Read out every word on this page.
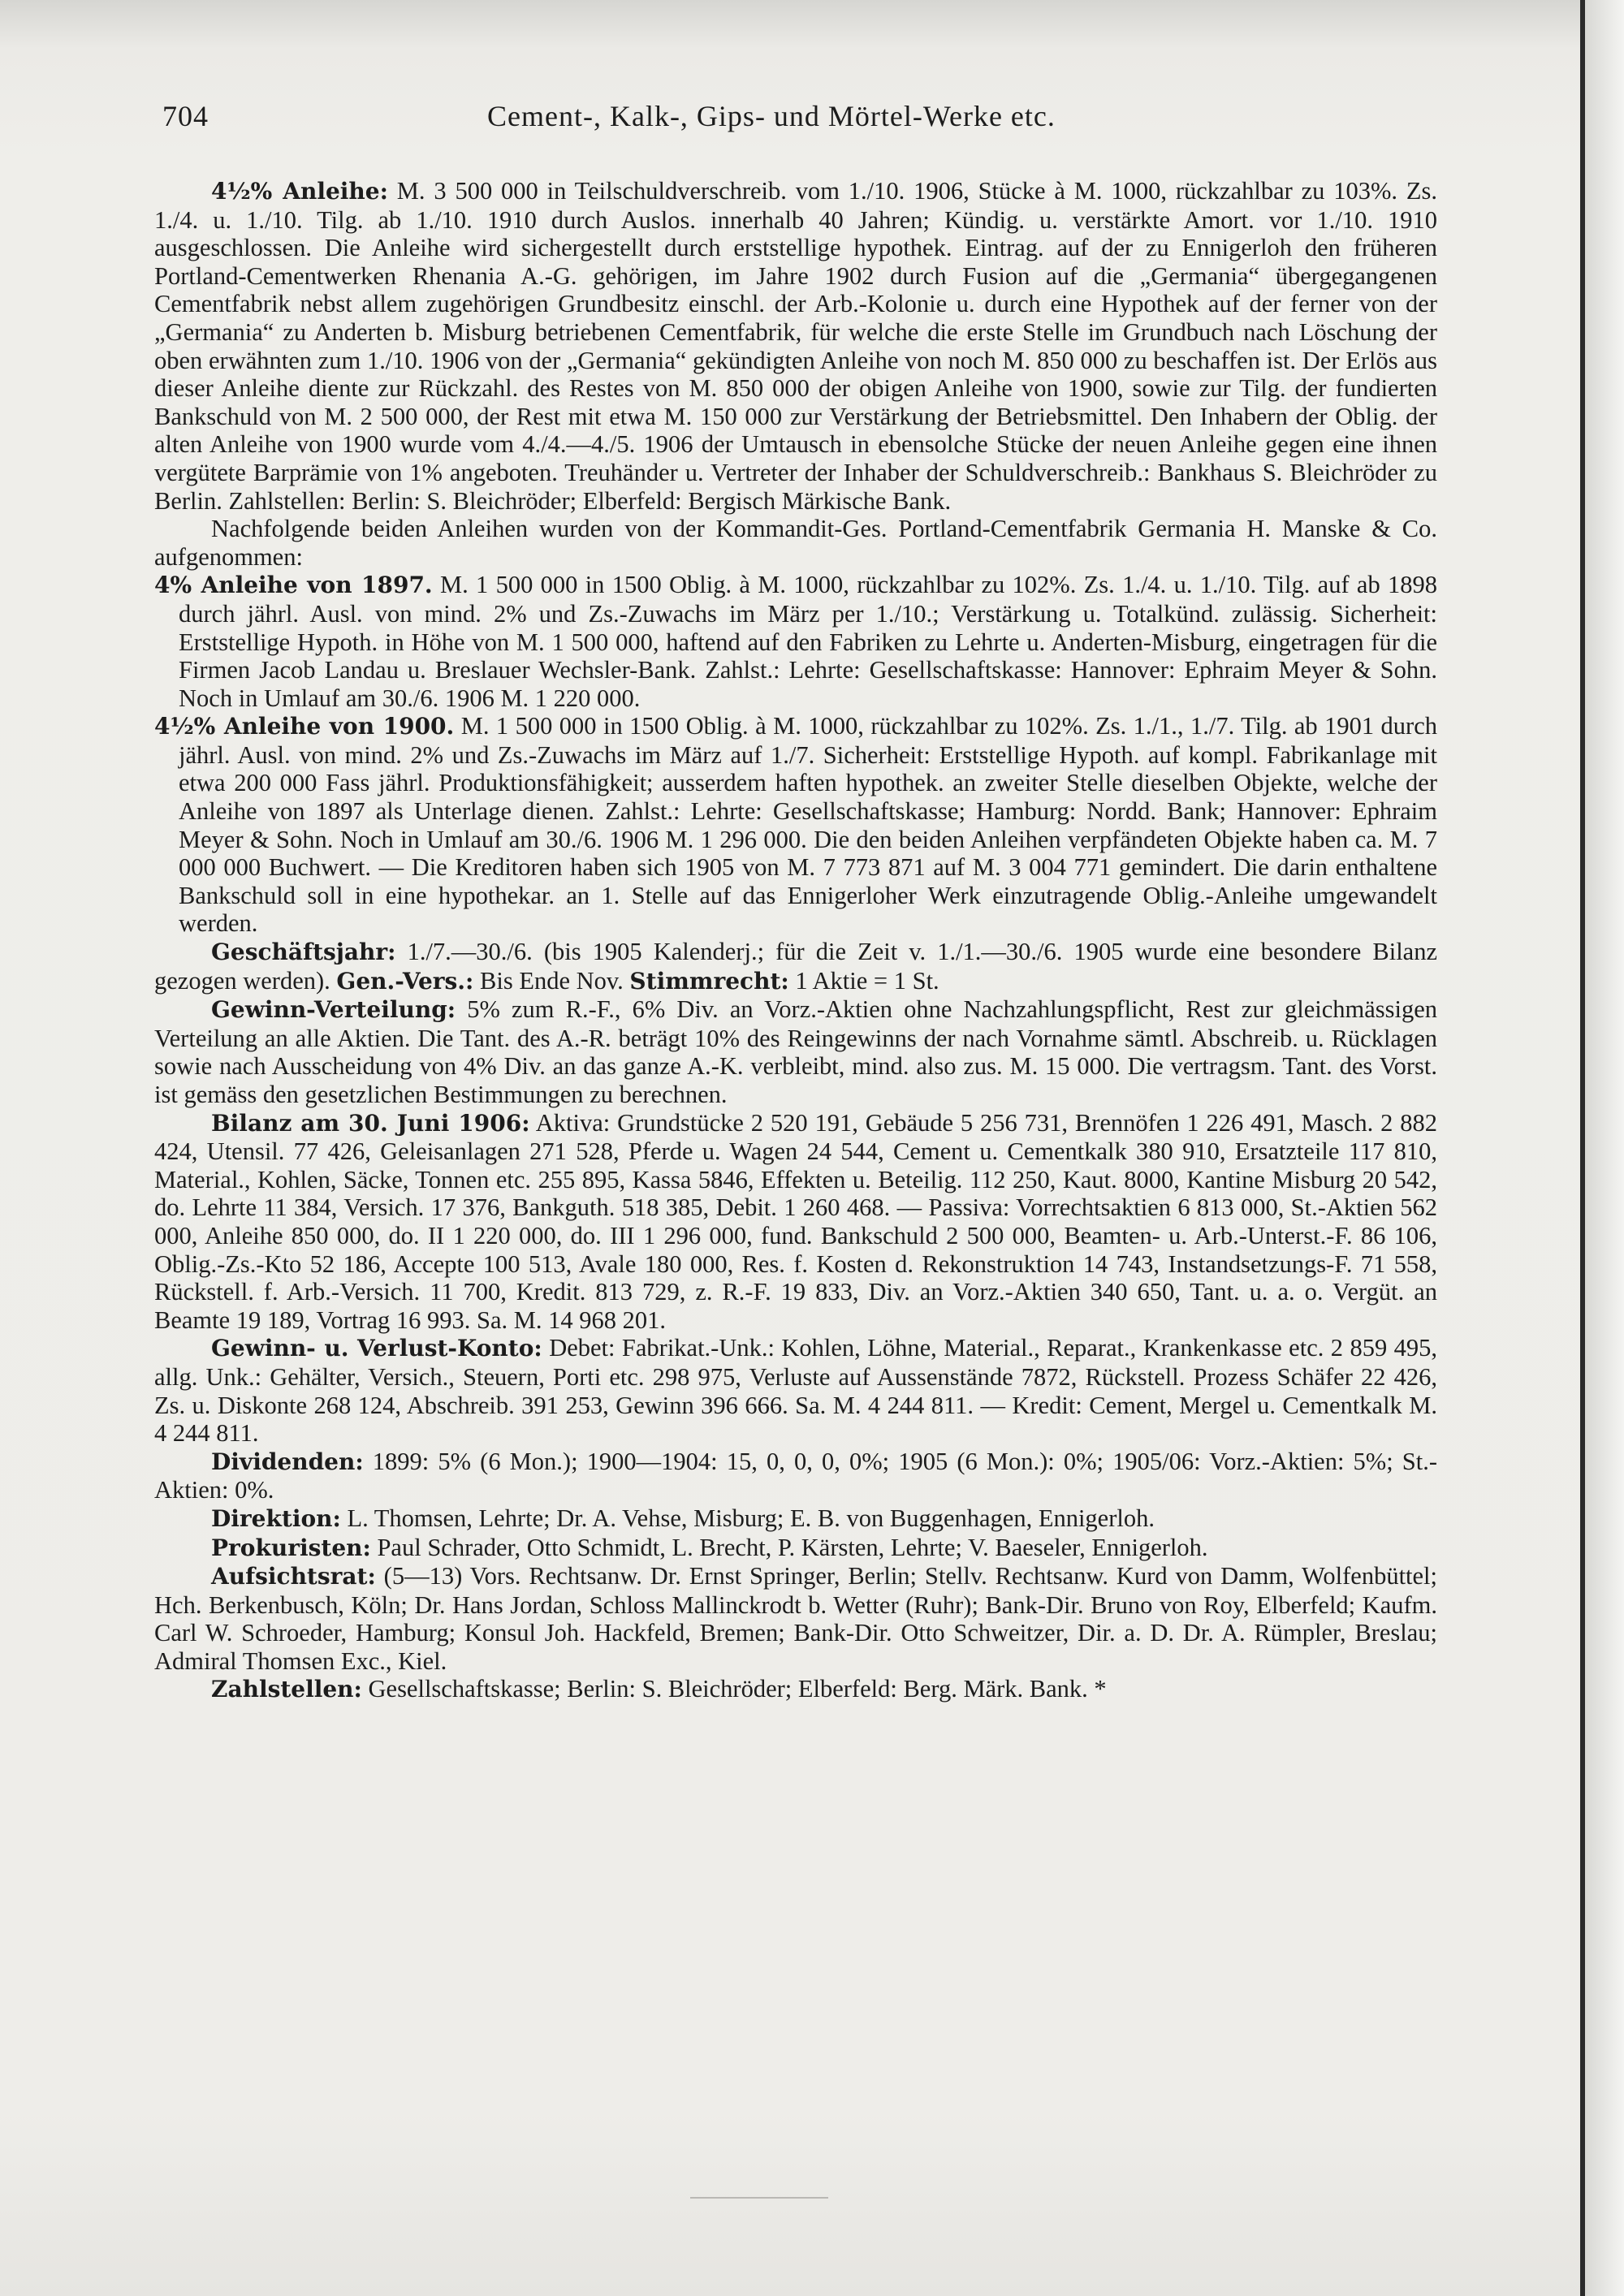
704	Cement-, Kalk-, Gips- und Mörtel-Werke etc.

4½% Anleihe: M. 3 500 000 in Teilschuldverschreib. vom 1./10. 1906, Stücke à M. 1000, rückzahlbar zu 103%. Zs. 1./4. u. 1./10. Tilg. ab 1./10. 1910 durch Auslos. innerhalb 40 Jahren; Kündig. u. verstärkte Amort. vor 1./10. 1910 ausgeschlossen. Die Anleihe wird sichergestellt durch erststellige hypothek. Eintrag. auf der zu Ennigerloh den früheren Portland-Cementwerken Rhenania A.-G. gehörigen, im Jahre 1902 durch Fusion auf die „Germania“ übergegangenen Cementfabrik nebst allem zugehörigen Grundbesitz einschl. der Arb.-Kolonie u. durch eine Hypothek auf der ferner von der „Germania“ zu Anderten b. Misburg betriebenen Cementfabrik, für welche die erste Stelle im Grundbuch nach Löschung der oben erwähnten zum 1./10. 1906 von der „Germania“ gekündigten Anleihe von noch M. 850 000 zu beschaffen ist. Der Erlös aus dieser Anleihe diente zur Rückzahl. des Restes von M. 850 000 der obigen Anleihe von 1900, sowie zur Tilg. der fundierten Bankschuld von M. 2 500 000, der Rest mit etwa M. 150 000 zur Verstärkung der Betriebsmittel. Den Inhabern der Oblig. der alten Anleihe von 1900 wurde vom 4./4.—4./5. 1906 der Umtausch in ebensolche Stücke der neuen Anleihe gegen eine ihnen vergütete Barprämie von 1% angeboten. Treuhänder u. Vertreter der Inhaber der Schuldverschreib.: Bankhaus S. Bleichröder zu Berlin. Zahlstellen: Berlin: S. Bleichröder; Elberfeld: Bergisch Märkische Bank.

Nachfolgende beiden Anleihen wurden von der Kommandit-Ges. Portland-Cementfabrik Germania H. Manske & Co. aufgenommen:

4% Anleihe von 1897. M. 1 500 000 in 1500 Oblig. à M. 1000, rückzahlbar zu 102%. Zs. 1./4. u. 1./10. Tilg. auf ab 1898 durch jährl. Ausl. von mind. 2% und Zs.-Zuwachs im März per 1./10.; Verstärkung u. Totalkünd. zulässig. Sicherheit: Erststellige Hypoth. in Höhe von M. 1 500 000, haftend auf den Fabriken zu Lehrte u. Anderten-Misburg, eingetragen für die Firmen Jacob Landau u. Breslauer Wechsler-Bank. Zahlst.: Lehrte: Gesellschaftskasse: Hannover: Ephraim Meyer & Sohn. Noch in Umlauf am 30./6. 1906 M. 1 220 000.

4½% Anleihe von 1900. M. 1 500 000 in 1500 Oblig. à M. 1000, rückzahlbar zu 102%. Zs. 1./1., 1./7. Tilg. ab 1901 durch jährl. Ausl. von mind. 2% und Zs.-Zuwachs im März auf 1./7. Sicherheit: Erststellige Hypoth. auf kompl. Fabrikanlage mit etwa 200 000 Fass jährl. Produktionsfähigkeit; ausserdem haften hypothek. an zweiter Stelle dieselben Objekte, welche der Anleihe von 1897 als Unterlage dienen. Zahlst.: Lehrte: Gesellschaftskasse; Hamburg: Nordd. Bank; Hannover: Ephraim Meyer & Sohn. Noch in Umlauf am 30./6. 1906 M. 1 296 000. Die den beiden Anleihen verpfändeten Objekte haben ca. M. 7 000 000 Buchwert. — Die Kreditoren haben sich 1905 von M. 7 773 871 auf M. 3 004 771 gemindert. Die darin enthaltene Bankschuld soll in eine hypothekar. an 1. Stelle auf das Ennigerloher Werk einzutragende Oblig.-Anleihe umgewandelt werden.

Geschäftsjahr: 1./7.—30./6. (bis 1905 Kalenderj.; für die Zeit v. 1./1.—30./6. 1905 wurde eine besondere Bilanz gezogen werden). Gen.-Vers.: Bis Ende Nov. Stimmrecht: 1 Aktie = 1 St.

Gewinn-Verteilung: 5% zum R.-F., 6% Div. an Vorz.-Aktien ohne Nachzahlungspflicht, Rest zur gleichmässigen Verteilung an alle Aktien. Die Tant. des A.-R. beträgt 10% des Reingewinns der nach Vornahme sämtl. Abschreib. u. Rücklagen sowie nach Ausscheidung von 4% Div. an das ganze A.-K. verbleibt, mind. also zus. M. 15 000. Die vertragsm. Tant. des Vorst. ist gemäss den gesetzlichen Bestimmungen zu berechnen.

Bilanz am 30. Juni 1906: Aktiva: Grundstücke 2 520 191, Gebäude 5 256 731, Brennöfen 1 226 491, Masch. 2 882 424, Utensil. 77 426, Geleisanlagen 271 528, Pferde u. Wagen 24 544, Cement u. Cementkalk 380 910, Ersatzteile 117 810, Material., Kohlen, Säcke, Tonnen etc. 255 895, Kassa 5846, Effekten u. Beteilig. 112 250, Kaut. 8000, Kantine Misburg 20 542, do. Lehrte 11 384, Versich. 17 376, Bankguth. 518 385, Debit. 1 260 468. — Passiva: Vorrechtsaktien 6 813 000, St.-Aktien 562 000, Anleihe 850 000, do. II 1 220 000, do. III 1 296 000, fund. Bankschuld 2 500 000, Beamten- u. Arb.-Unterst.-F. 86 106, Oblig.-Zs.-Kto 52 186, Accepte 100 513, Avale 180 000, Res. f. Kosten d. Rekonstruktion 14 743, Instandsetzungs-F. 71 558, Rückstell. f. Arb.-Versich. 11 700, Kredit. 813 729, z. R.-F. 19 833, Div. an Vorz.-Aktien 340 650, Tant. u. a. o. Vergüt. an Beamte 19 189, Vortrag 16 993. Sa. M. 14 968 201.

Gewinn- u. Verlust-Konto: Debet: Fabrikat.-Unk.: Kohlen, Löhne, Material., Reparat., Krankenkasse etc. 2 859 495, allg. Unk.: Gehälter, Versich., Steuern, Porti etc. 298 975, Verluste auf Aussenstände 7872, Rückstell. Prozess Schäfer 22 426, Zs. u. Diskonte 268 124, Abschreib. 391 253, Gewinn 396 666. Sa. M. 4 244 811. — Kredit: Cement, Mergel u. Cementkalk M. 4 244 811.

Dividenden: 1899: 5% (6 Mon.); 1900—1904: 15, 0, 0, 0, 0%; 1905 (6 Mon.): 0%; 1905/06: Vorz.-Aktien: 5%; St.-Aktien: 0%.

Direktion: L. Thomsen, Lehrte; Dr. A. Vehse, Misburg; E. B. von Buggenhagen, Ennigerloh.

Prokuristen: Paul Schrader, Otto Schmidt, L. Brecht, P. Kärsten, Lehrte; V. Baeseler, Ennigerloh.

Aufsichtsrat: (5—13) Vors. Rechtsanw. Dr. Ernst Springer, Berlin; Stellv. Rechtsanw. Kurd von Damm, Wolfenbüttel; Hch. Berkenbusch, Köln; Dr. Hans Jordan, Schloss Mallinckrodt b. Wetter (Ruhr); Bank-Dir. Bruno von Roy, Elberfeld; Kaufm. Carl W. Schroeder, Hamburg; Konsul Joh. Hackfeld, Bremen; Bank-Dir. Otto Schweitzer, Dir. a. D. Dr. A. Rümpler, Breslau; Admiral Thomsen Exc., Kiel.

Zahlstellen: Gesellschaftskasse; Berlin: S. Bleichröder; Elberfeld: Berg. Märk. Bank. *
